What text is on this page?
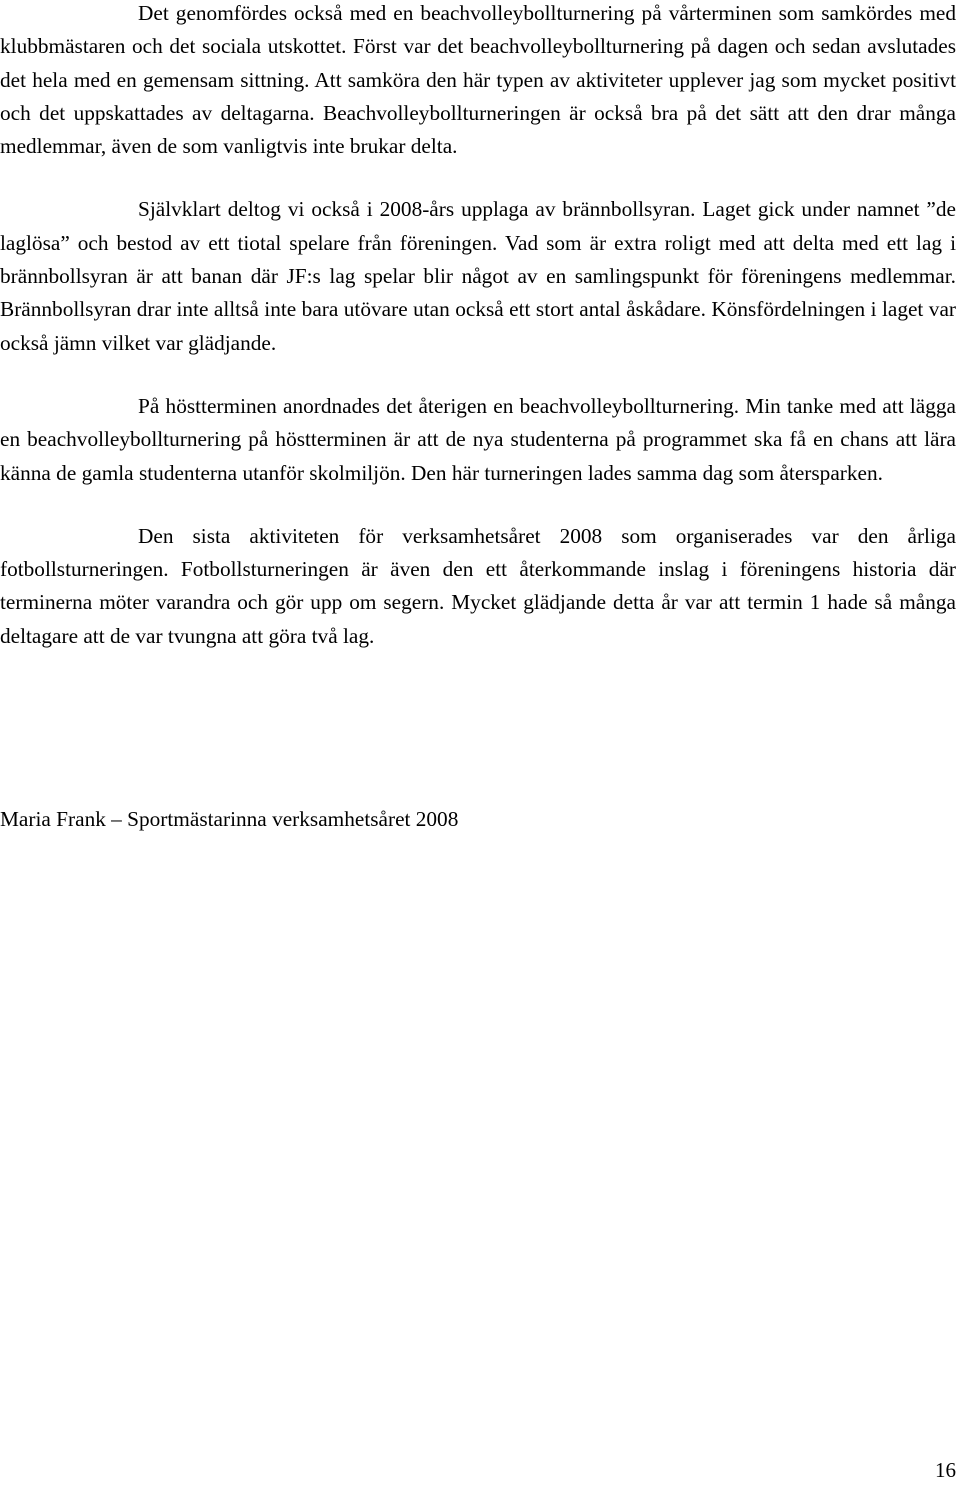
Det genomfördes också med en beachvolleybollturnering på vårterminen som samkördes med klubbmästaren och det sociala utskottet. Först var det beachvolleybollturnering på dagen och sedan avslutades det hela med en gemensam sittning. Att samköra den här typen av aktiviteter upplever jag som mycket positivt och det uppskattades av deltagarna. Beachvolleybollturneringen är också bra på det sätt att den drar många medlemmar, även de som vanligtvis inte brukar delta.

Självklart deltog vi också i 2008-års upplaga av brännbollsyran. Laget gick under namnet ”de laglösa” och bestod av ett tiotal spelare från föreningen. Vad som är extra roligt med att delta med ett lag i brännbollsyran är att banan där JF:s lag spelar blir något av en samlingspunkt för föreningens medlemmar. Brännbollsyran drar inte alltså inte bara utövare utan också ett stort antal åskådare. Könsfördelningen i laget var också jämn vilket var glädjande.

På höstterminen anordnades det återigen en beachvolleybollturnering. Min tanke med att lägga en beachvolleybollturnering på höstterminen är att de nya studenterna på programmet ska få en chans att lära känna de gamla studenterna utanför skolmiljön. Den här turneringen lades samma dag som återsparken.

Den sista aktiviteten för verksamhetsåret 2008 som organiserades var den årliga fotbollsturneringen. Fotbollsturneringen är även den ett återkommande inslag i föreningens historia där terminerna möter varandra och gör upp om segern. Mycket glädjande detta år var att termin 1 hade så många deltagare att de var tvungna att göra två lag.

Maria Frank – Sportmästarinna verksamhetsåret 2008

16
